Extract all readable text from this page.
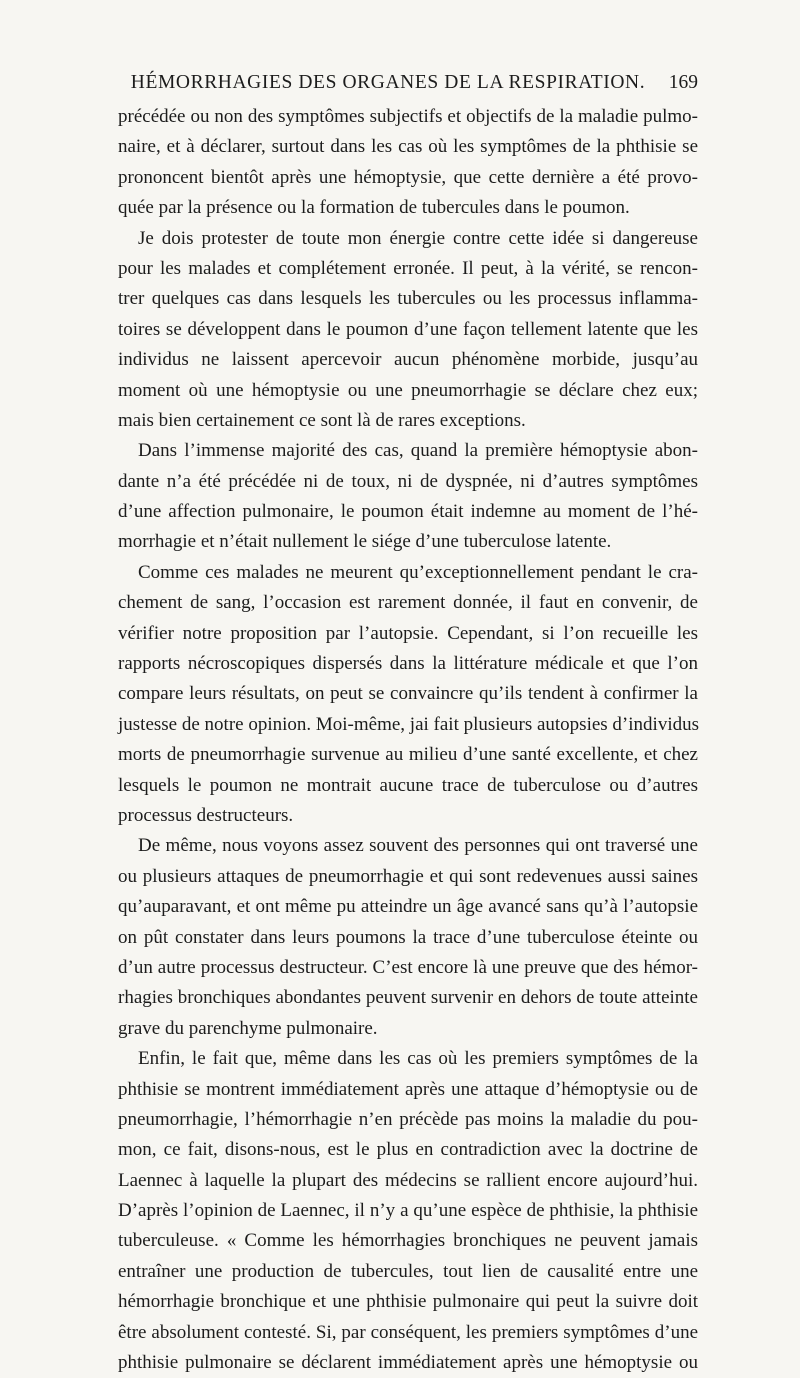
HÉMORRHAGIES DES ORGANES DE LA RESPIRATION.	169
précédée ou non des symptômes subjectifs et objectifs de la maladie pulmo-
naire, et à déclarer, surtout dans les cas où les symptômes de la phthisie se
prononcent bientôt après une hémoptysie, que cette dernière a été provo-
quée par la présence ou la formation de tubercules dans le poumon.
Je dois protester de toute mon énergie contre cette idée si dangereuse
pour les malades et complétement erronée. Il peut, à la vérité, se rencon-
trer quelques cas dans lesquels les tubercules ou les processus inflamma-
toires se développent dans le poumon d’une façon tellement latente que les
individus ne laissent apercevoir aucun phénomène morbide, jusqu’au
moment où une hémoptysie ou une pneumorrhagie se déclare chez eux;
mais bien certainement ce sont là de rares exceptions.
Dans l’immense majorité des cas, quand la première hémoptysie abon-
dante n’a été précédée ni de toux, ni de dyspnée, ni d’autres symptômes
d’une affection pulmonaire, le poumon était indemne au moment de l’hé-
morrhagie et n’était nullement le siége d’une tuberculose latente.
Comme ces malades ne meurent qu’exceptionnellement pendant le cra-
chement de sang, l’occasion est rarement donnée, il faut en convenir, de
vérifier notre proposition par l’autopsie. Cependant, si l’on recueille les
rapports nécroscopiques dispersés dans la littérature médicale et que l’on
compare leurs résultats, on peut se convaincre qu’ils tendent à confirmer la
justesse de notre opinion. Moi-même, jai fait plusieurs autopsies d’individus
morts de pneumorrhagie survenue au milieu d’une santé excellente, et chez
lesquels le poumon ne montrait aucune trace de tuberculose ou d’autres
processus destructeurs.
De même, nous voyons assez souvent des personnes qui ont traversé une
ou plusieurs attaques de pneumorrhagie et qui sont redevenues aussi saines
qu’auparavant, et ont même pu atteindre un âge avancé sans qu’à l’autopsie
on pût constater dans leurs poumons la trace d’une tuberculose éteinte ou
d’un autre processus destructeur. C’est encore là une preuve que des hémor-
rhagies bronchiques abondantes peuvent survenir en dehors de toute atteinte
grave du parenchyme pulmonaire.
Enfin, le fait que, même dans les cas où les premiers symptômes de la
phthisie se montrent immédiatement après une attaque d’hémoptysie ou de
pneumorrhagie, l’hémorrhagie n’en précède pas moins la maladie du pou-
mon, ce fait, disons-nous, est le plus en contradiction avec la doctrine de
Laennec à laquelle la plupart des médecins se rallient encore aujourd’hui.
D’après l’opinion de Laennec, il n’y a qu’une espèce de phthisie, la phthisie
tuberculeuse. « Comme les hémorrhagies bronchiques ne peuvent jamais
entraîner une production de tubercules, tout lien de causalité entre une
hémorrhagie bronchique et une phthisie pulmonaire qui peut la suivre doit
être absolument contesté. Si, par conséquent, les premiers symptômes d’une
phthisie pulmonaire se déclarent immédiatement après une hémoptysie ou
